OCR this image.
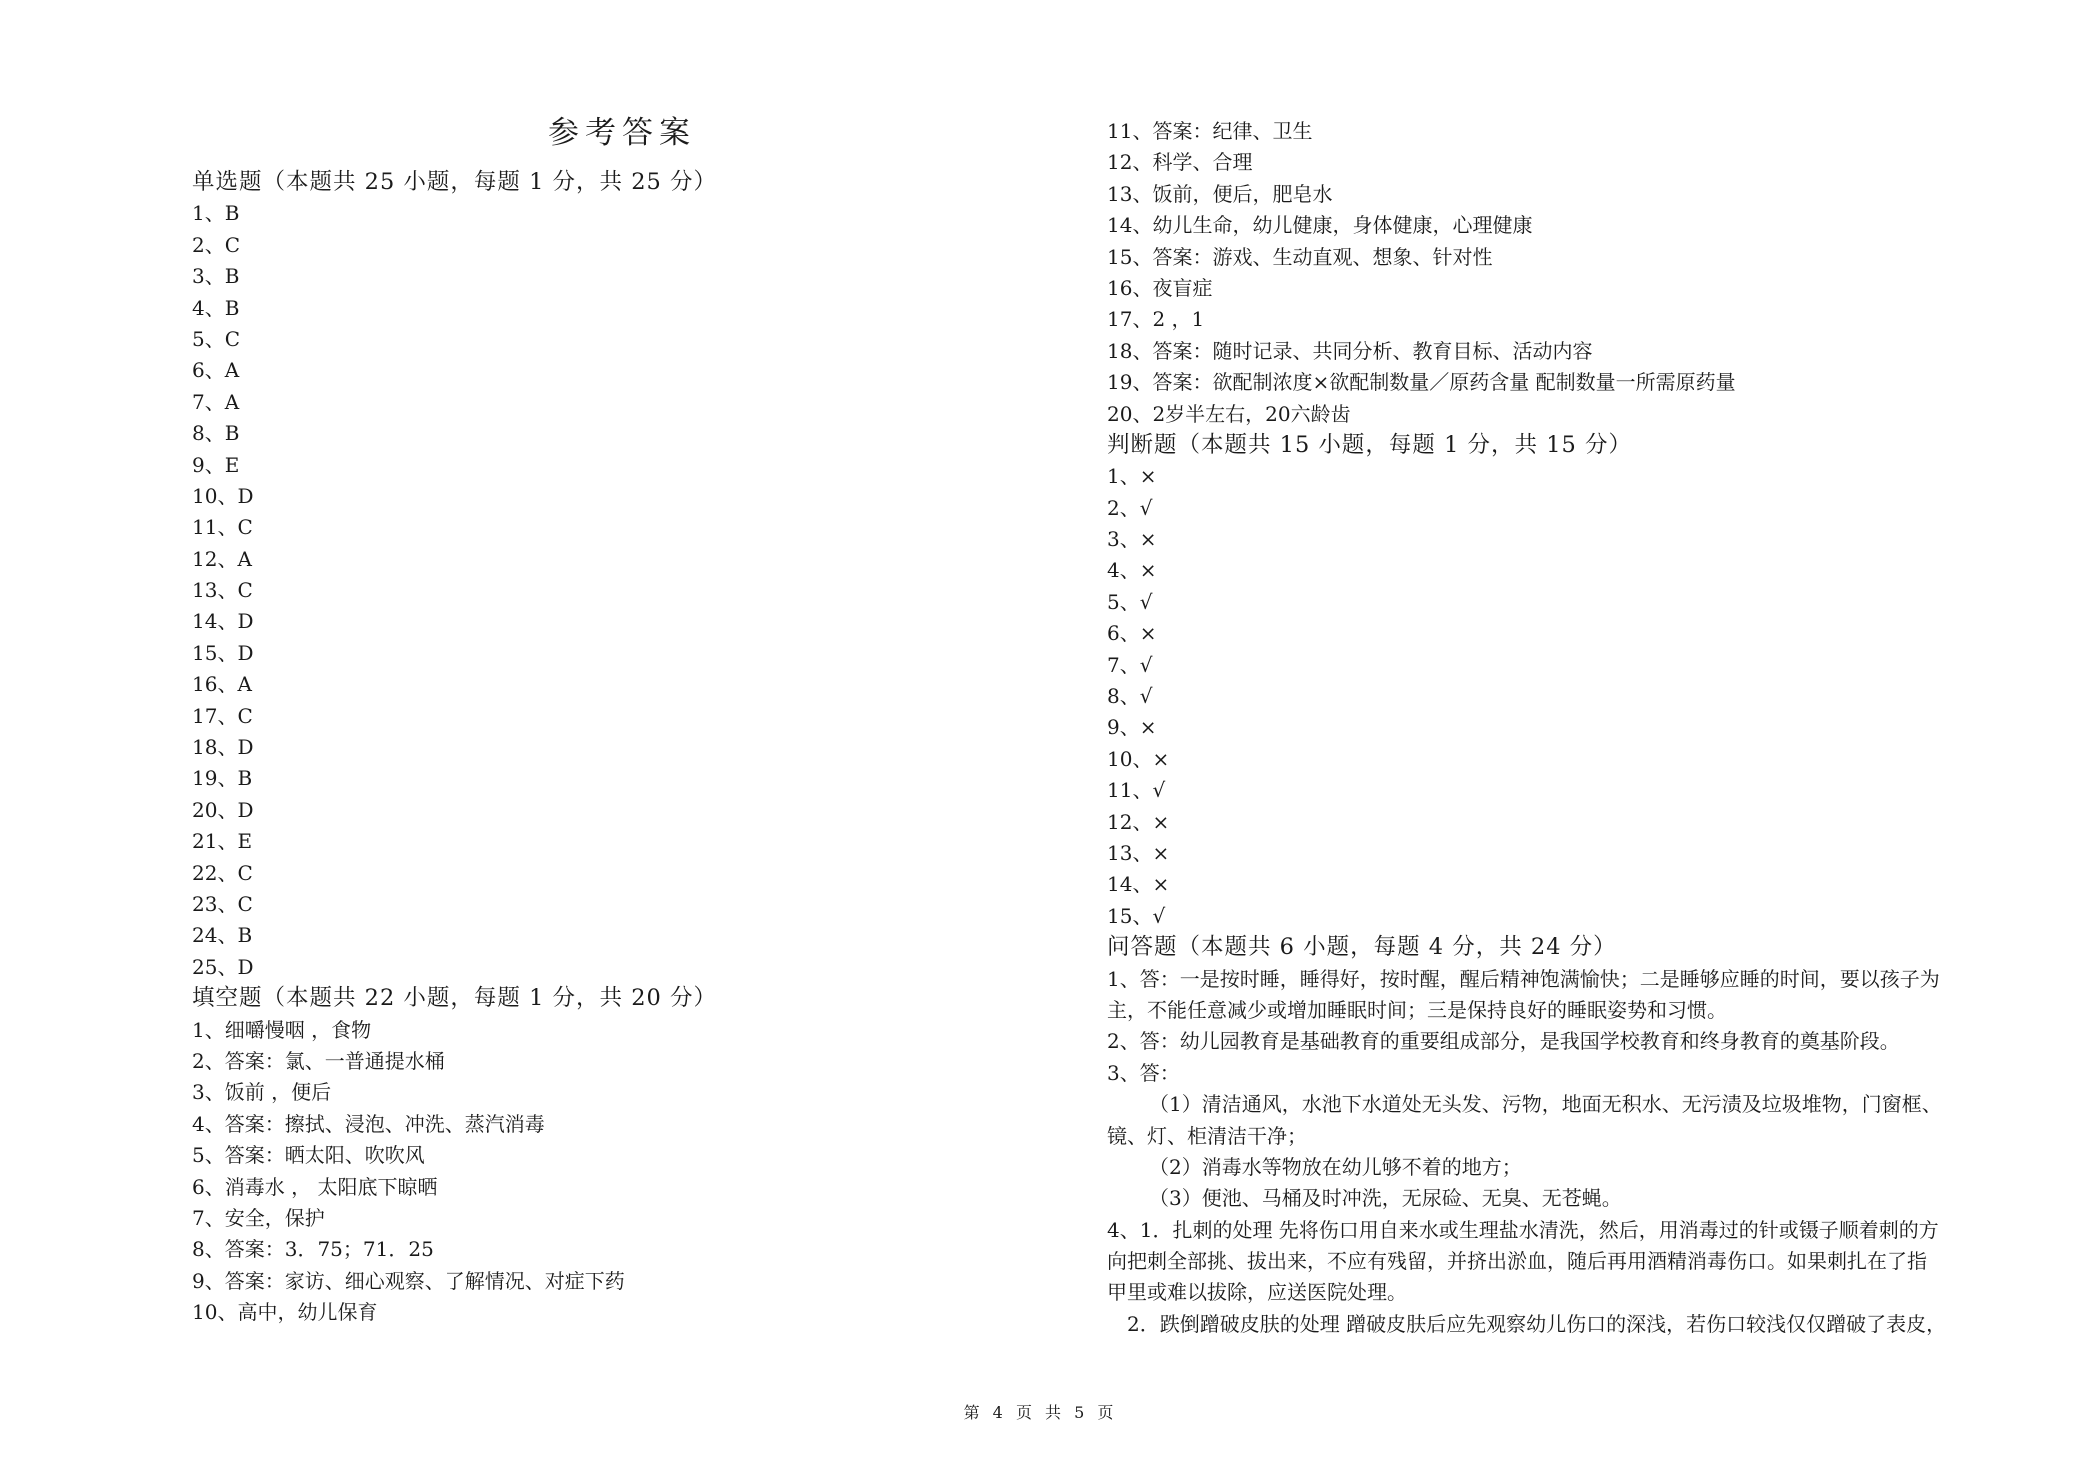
参考答案
单选题（本题共 25 小题，每题 1 分，共 25 分）
1、B
2、C
3、B
4、B
5、C
6、A
7、A
8、B
9、E
10、D
11、C
12、A
13、C
14、D
15、D
16、A
17、C
18、D
19、B
20、D
21、E
22、C
23、C
24、B
25、D
填空题（本题共 22 小题，每题 1 分，共 20 分）
1、细嚼慢咽 ，食物
2、答案：氯、一普通提水桶
3、饭前 ，便后
4、答案：擦拭、浸泡、冲洗、蒸汽消毒
5、答案：晒太阳、吹吹风
6、消毒水 ， 太阳底下晾晒
7、安全，保护
8、答案：3．75；71．25
9、答案：家访、细心观察、了解情况、对症下药
10、高中，幼儿保育
11、答案：纪律、卫生
12、科学、合理
13、饭前，便后，肥皂水
14、幼儿生命，幼儿健康，身体健康，心理健康
15、答案：游戏、生动直观、想象、针对性
16、夜盲症
17、2 ，1
18、答案：随时记录、共同分析、教育目标、活动内容
19、答案：欲配制浓度×欲配制数量／原药含量 配制数量一所需原药量
20、2岁半左右，20六龄齿
判断题（本题共 15 小题，每题 1 分，共 15 分）
1、×
2、√
3、×
4、×
5、√
6、×
7、√
8、√
9、×
10、×
11、√
12、×
13、×
14、×
15、√
问答题（本题共 6 小题，每题 4 分，共 24 分）
1、答：一是按时睡，睡得好，按时醒，醒后精神饱满愉快；二是睡够应睡的时间，要以孩子为
主，不能任意减少或增加睡眠时间；三是保持良好的睡眠姿势和习惯。
2、答：幼儿园教育是基础教育的重要组成部分，是我国学校教育和终身教育的奠基阶段。
3、答：
（1）清洁通风，水池下水道处无头发、污物，地面无积水、无污渍及垃圾堆物，门窗框、
镜、灯、柜清洁干净；
（2）消毒水等物放在幼儿够不着的地方；
（3）便池、马桶及时冲洗，无尿硷、无臭、无苍蝇。
4、1．扎刺的处理 先将伤口用自来水或生理盐水清洗，然后，用消毒过的针或镊子顺着刺的方
向把刺全部挑、拔出来，不应有残留，并挤出淤血，随后再用酒精消毒伤口。如果刺扎在了指
甲里或难以拔除，应送医院处理。
2．跌倒蹭破皮肤的处理 蹭破皮肤后应先观察幼儿伤口的深浅，若伤口较浅仅仅蹭破了表皮，
第 4 页 共 5 页
